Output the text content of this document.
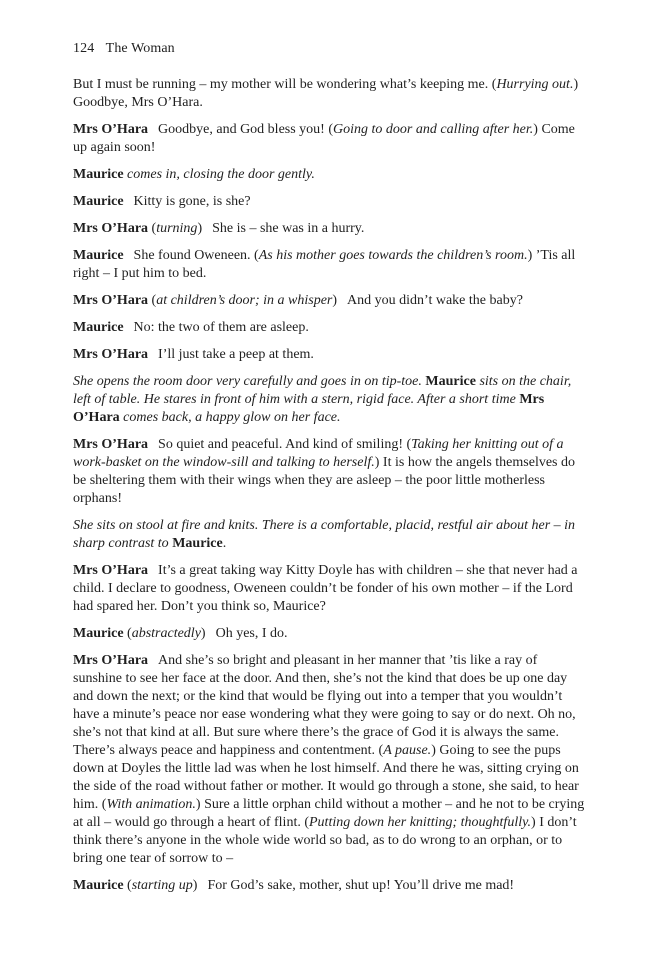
124 The Woman

But I must be running – my mother will be wondering what’s keeping me. (Hurrying out.) Goodbye, Mrs O’Hara.

Mrs O’Hara Goodbye, and God bless you! (Going to door and calling after her.) Come up again soon!

Maurice comes in, closing the door gently.

Maurice Kitty is gone, is she?

Mrs O’Hara (turning) She is – she was in a hurry.

Maurice She found Oweneen. (As his mother goes towards the children’s room.) ’Tis all right – I put him to bed.

Mrs O’Hara (at children’s door; in a whisper) And you didn’t wake the baby?

Maurice No: the two of them are asleep.

Mrs O’Hara I’ll just take a peep at them.

She opens the room door very carefully and goes in on tip-toe. Maurice sits on the chair, left of table. He stares in front of him with a stern, rigid face. After a short time Mrs O’Hara comes back, a happy glow on her face.

Mrs O’Hara So quiet and peaceful. And kind of smiling! (Taking her knitting out of a work-basket on the window-sill and talking to herself.) It is how the angels themselves do be sheltering them with their wings when they are asleep – the poor little motherless orphans!

She sits on stool at fire and knits. There is a comfortable, placid, restful air about her – in sharp contrast to Maurice.

Mrs O’Hara It’s a great taking way Kitty Doyle has with children – she that never had a child. I declare to goodness, Oweneen couldn’t be fonder of his own mother – if the Lord had spared her. Don’t you think so, Maurice?

Maurice (abstractedly) Oh yes, I do.

Mrs O’Hara And she’s so bright and pleasant in her manner that ’tis like a ray of sunshine to see her face at the door. And then, she’s not the kind that does be up one day and down the next; or the kind that would be flying out into a temper that you wouldn’t have a minute’s peace nor ease wondering what they were going to say or do next. Oh no, she’s not that kind at all. But sure where there’s the grace of God it is always the same. There’s always peace and happiness and contentment. (A pause.) Going to see the pups down at Doyles the little lad was when he lost himself. And there he was, sitting crying on the side of the road without father or mother. It would go through a stone, she said, to hear him. (With animation.) Sure a little orphan child without a mother – and he not to be crying at all – would go through a heart of flint. (Putting down her knitting; thoughtfully.) I don’t think there’s anyone in the whole wide world so bad, as to do wrong to an orphan, or to bring one tear of sorrow to –

Maurice (starting up) For God’s sake, mother, shut up! You’ll drive me mad!
